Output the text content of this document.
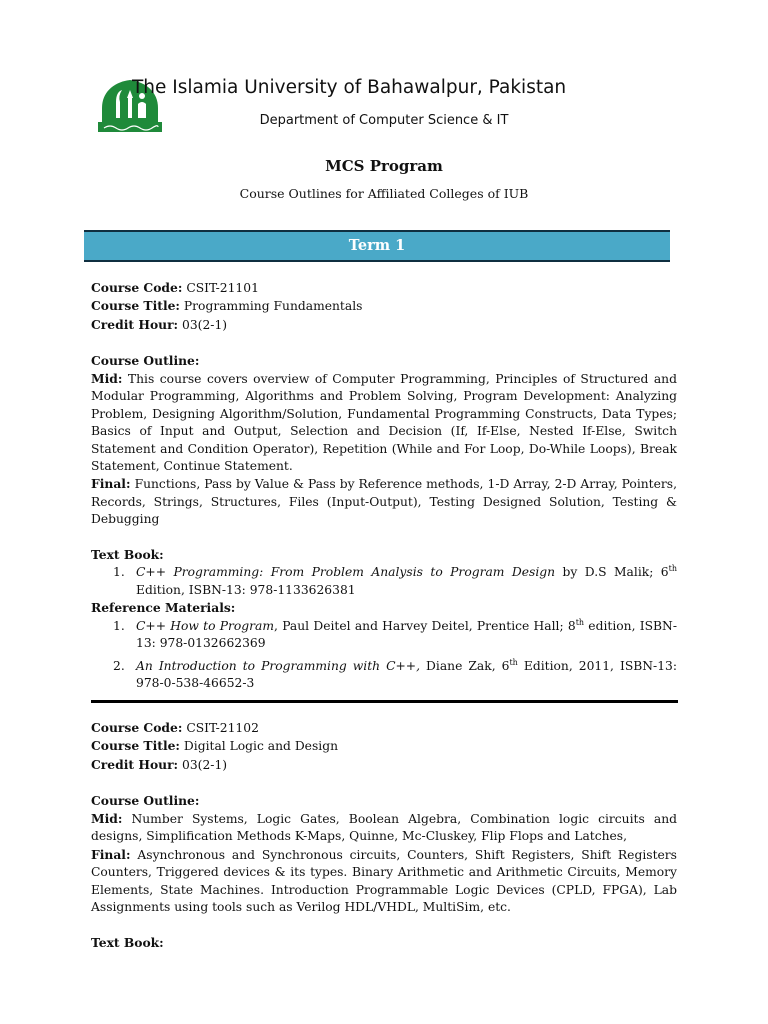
The Islamia University of Bahawalpur, Pakistan
Department of Computer Science & IT
MCS Program
Course Outlines for Affiliated Colleges of IUB
Term 1

Course Code: CSIT-21101

Course Title: Programming Fundamentals

Credit Hour: 03(2-1)

Course Outline:

Mid: This course covers overview of Computer Programming, Principles of Structured and Modular Programming, Algorithms and Problem Solving, Program Development: Analyzing Problem, Designing Algorithm/Solution, Fundamental Programming Constructs, Data Types; Basics of Input and Output, Selection and Decision (If, If-Else, Nested If-Else, Switch Statement and Condition Operator), Repetition (While and For Loop, Do-While Loops), Break Statement, Continue Statement.

Final: Functions, Pass by Value & Pass by Reference methods, 1-D Array, 2-D Array, Pointers, Records, Strings, Structures, Files (Input-Output), Testing Designed Solution, Testing & Debugging

Text Book:

1. C++ Programming: From Problem Analysis to Program Design by D.S Malik; 6th Edition, ISBN-13: 978-1133626381

Reference Materials:

1. C++ How to Program, Paul Deitel and Harvey Deitel, Prentice Hall; 8th edition, ISBN-13: 978-0132662369
2. An Introduction to Programming with C++, Diane Zak, 6th Edition, 2011, ISBN-13: 978-0-538-46652-3

Course Code: CSIT-21102

Course Title: Digital Logic and Design

Credit Hour: 03(2-1)

Course Outline:

Mid: Number Systems, Logic Gates, Boolean Algebra, Combination logic circuits and designs, Simplification Methods K-Maps, Quinne, Mc-Cluskey, Flip Flops and Latches,

Final: Asynchronous and Synchronous circuits, Counters, Shift Registers, Shift Registers Counters, Triggered devices & its types. Binary Arithmetic and Arithmetic Circuits, Memory Elements, State Machines. Introduction Programmable Logic Devices (CPLD, FPGA), Lab Assignments using tools such as Verilog HDL/VHDL, MultiSim, etc.

Text Book:
